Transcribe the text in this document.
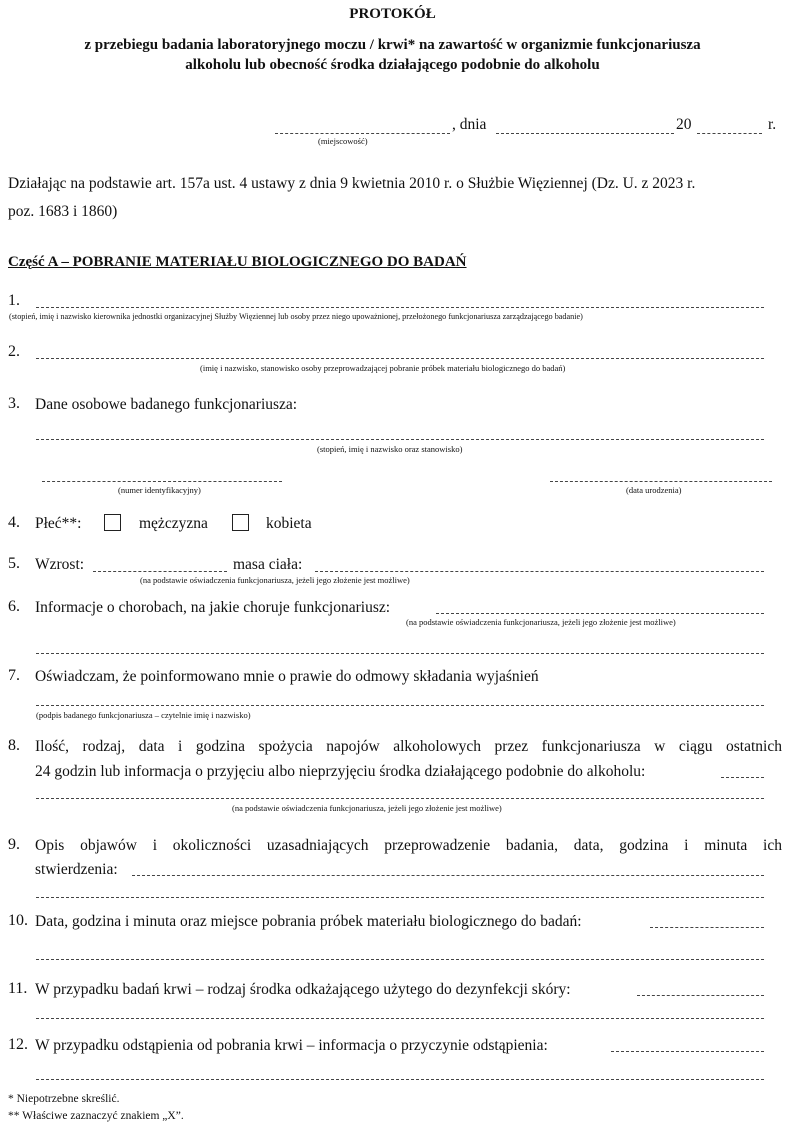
PROTOKÓŁ
z przebiegu badania laboratoryjnego moczu / krwi* na zawartość w organizmie funkcjonariusza
alkoholu lub obecność środka działającego podobnie do alkoholu
, dnia	20	r.
(miejscowość)
Działając na podstawie art. 157a ust. 4 ustawy z dnia 9 kwietnia 2010 r. o Służbie Więziennej (Dz. U. z 2023 r.
poz. 1683 i 1860)
Część A – POBRANIE MATERIAŁU BIOLOGICZNEGO DO BADAŃ
1.
(stopień, imię i nazwisko kierownika jednostki organizacyjnej Służby Więziennej lub osoby przez niego upoważnionej, przełożonego funkcjonariusza zarządzającego badanie)
2.
(imię i nazwisko, stanowisko osoby przeprowadzającej pobranie próbek materiału biologicznego do badań)
3. Dane osobowe badanego funkcjonariusza:
(stopień, imię i nazwisko oraz stanowisko)
(numer identyfikacyjny)	(data urodzenia)
4. Płeć**:	mężczyzna	kobieta
5. Wzrost:	masa ciała:
(na podstawie oświadczenia funkcjonariusza, jeżeli jego złożenie jest możliwe)
6. Informacje o chorobach, na jakie choruje funkcjonariusz:
(na podstawie oświadczenia funkcjonariusza, jeżeli jego złożenie jest możliwe)
7. Oświadczam, że poinformowano mnie o prawie do odmowy składania wyjaśnień
(podpis badanego funkcjonariusza – czytelnie imię i nazwisko)
8. Ilość, rodzaj, data i godzina spożycia napojów alkoholowych przez funkcjonariusza w ciągu ostatnich
24 godzin lub informacja o przyjęciu albo nieprzyjęciu środka działającego podobnie do alkoholu:
(na podstawie oświadczenia funkcjonariusza, jeżeli jego złożenie jest możliwe)
9. Opis objawów i okoliczności uzasadniających przeprowadzenie badania, data, godzina i minuta ich
stwierdzenia:
10. Data, godzina i minuta oraz miejsce pobrania próbek materiału biologicznego do badań:
11. W przypadku badań krwi – rodzaj środka odkażającego użytego do dezynfekcji skóry:
12. W przypadku odstąpienia od pobrania krwi – informacja o przyczynie odstąpienia:
* Niepotrzebne skreślić.
** Właściwe zaznaczyć znakiem „X”.
